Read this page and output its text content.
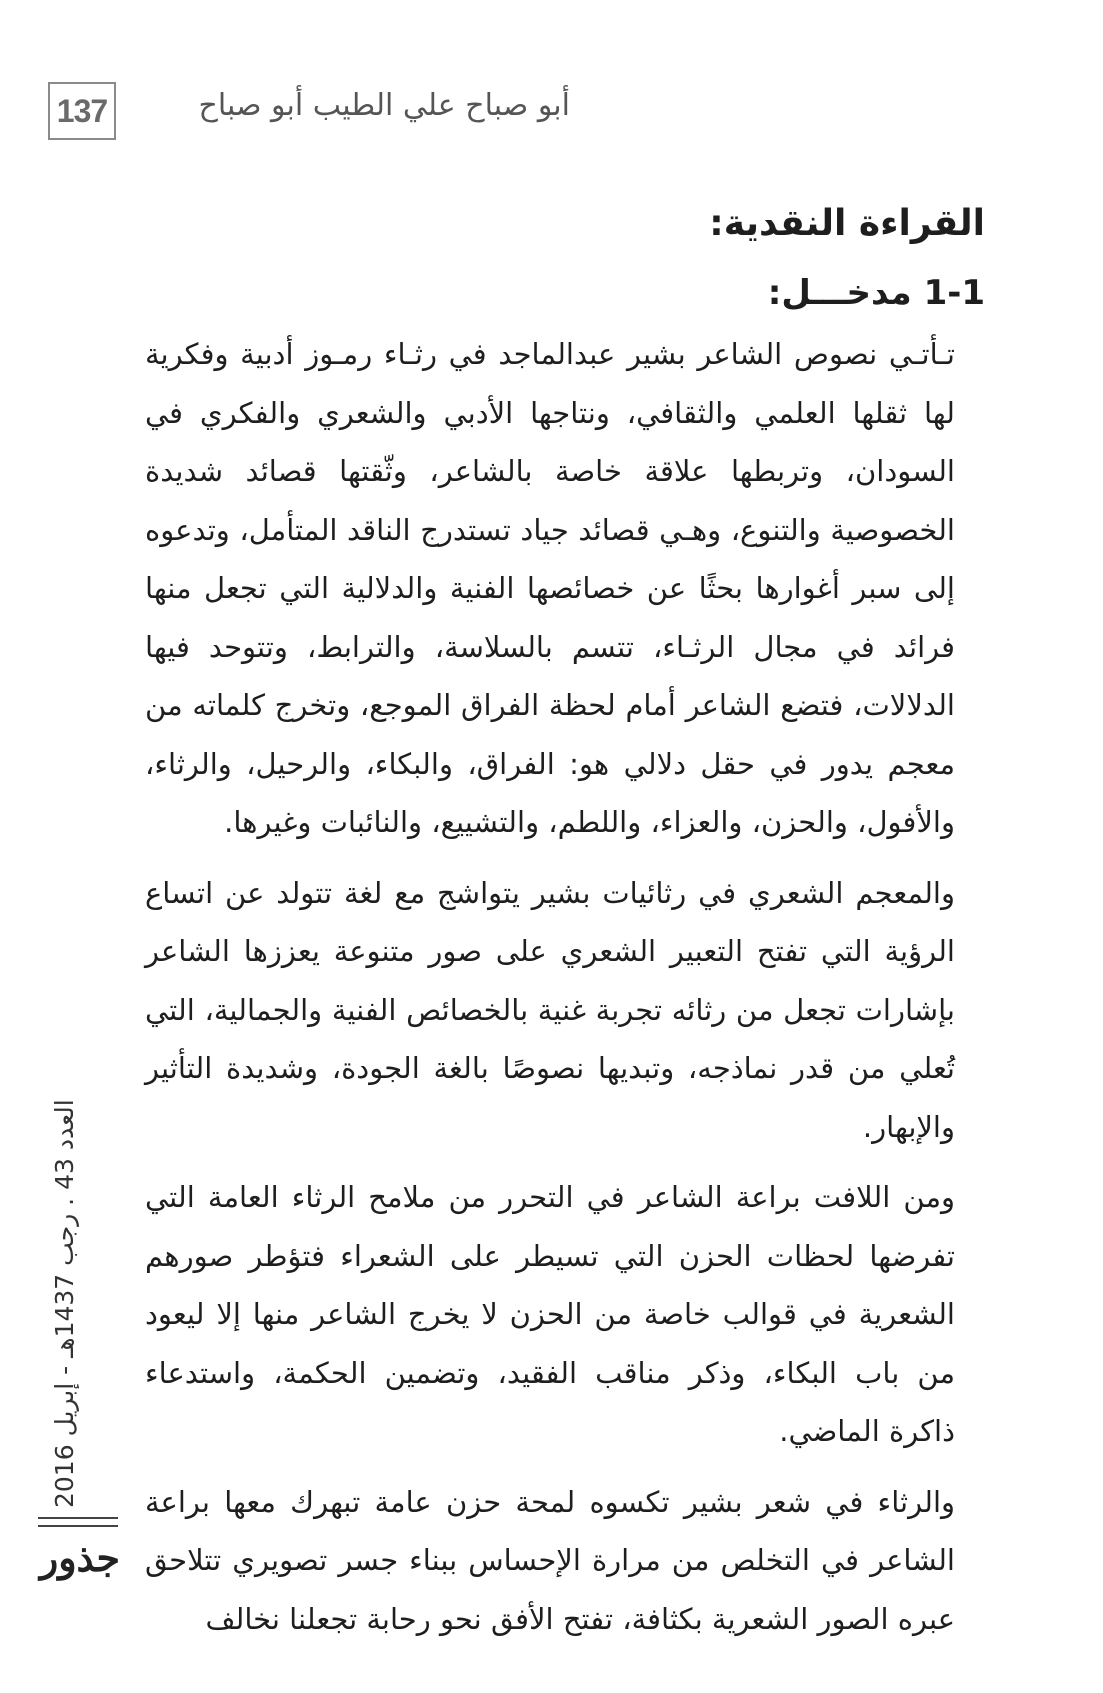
137	أبو صباح علي الطيب أبو صباح
القراءة النقدية:
1-1 مدخـــل:

تـأتـي نصوص الشاعر بشير عبدالماجد في رثـاء رمـوز أدبية وفكرية لها ثقلها العلمي والثقافي، ونتاجها الأدبي والشعري والفكري في السودان، وتربطها علاقة خاصة بالشاعر، وثّقتها قصائد شديدة الخصوصية والتنوع، وهـي قصائد جياد تستدرج الناقد المتأمل، وتدعوه إلى سبر أغوارها بحثًا عن خصائصها الفنية والدلالية التي تجعل منها فرائد في مجال الرثـاء، تتسم بالسلاسة، والترابط، وتتوحد فيها الدلالات، فتضع الشاعر أمام لحظة الفراق الموجع، وتخرج كلماته من معجم يدور في حقل دلالي هو: الفراق، والبكاء، والرحيل، والرثاء، والأفول، والحزن، والعزاء، واللطم، والتشييع، والنائبات وغيرها.

والمعجم الشعري في رثائيات بشير يتواشج مع لغة تتولد عن اتساع الرؤية التي تفتح التعبير الشعري على صور متنوعة يعززها الشاعر بإشارات تجعل من رثائه تجربة غنية بالخصائص الفنية والجمالية، التي تُعلي من قدر نماذجه، وتبديها نصوصًا بالغة الجودة، وشديدة التأثير والإبهار.

ومن اللافت براعة الشاعر في التحرر من ملامح الرثاء العامة التي تفرضها لحظات الحزن التي تسيطر على الشعراء فتؤطر صورهم الشعرية في قوالب خاصة من الحزن لا يخرج الشاعر منها إلا ليعود من باب البكاء، وذكر مناقب الفقيد، وتضمين الحكمة، واستدعاء ذاكرة الماضي.

والرثاء في شعر بشير تكسوه لمحة حزن عامة تبهرك معها براعة الشاعر في التخلص من مرارة الإحساس ببناء جسر تصويري تتلاحق عبره الصور الشعرية بكثافة، تفتح الأفق نحو رحابة تجعلنا نخالف

العدد 43 . رجب 1437هـ - إبريل 2016
جذور
